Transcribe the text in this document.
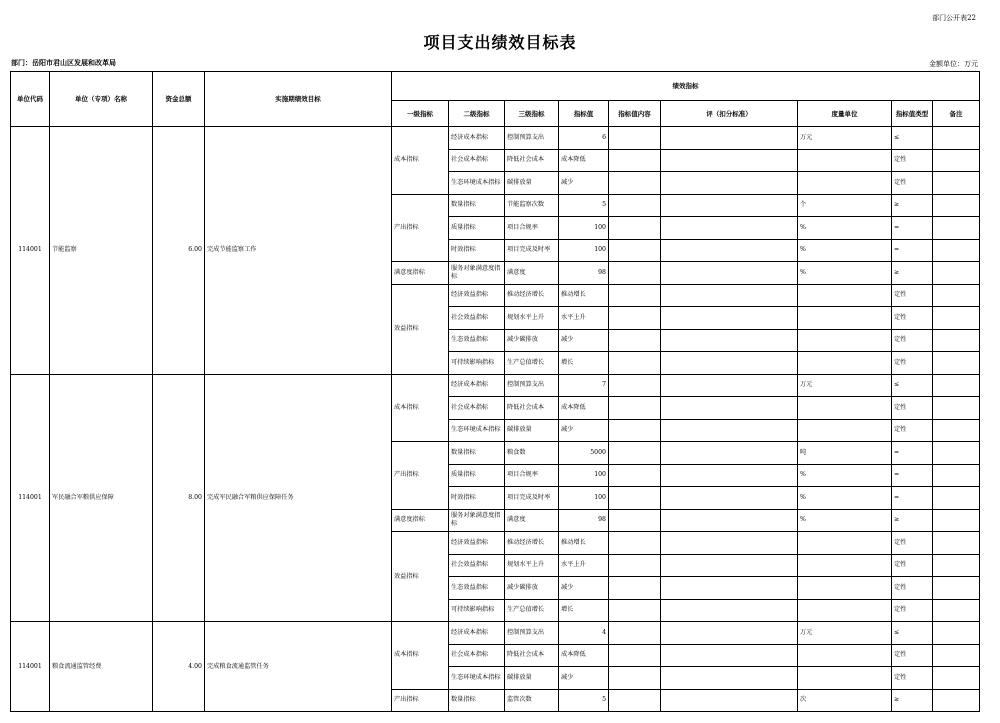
部门公开表22
项目支出绩效目标表
部门：岳阳市君山区发展和改革局	金额单位：万元
单位代码	单位（专项）名称	资金总额	实施期绩效目标	绩效指标								
				一级指标	二级指标	三级指标	指标值	指标值内容	评（扣分标准）	度量单位	指标值类型	备注
114001	节能监察	6.00	完成节能监察工作	成本指标	经济成本指标	控制预算支出	6			万元	≤	
					社会成本指标	降低社会成本	成本降低				定性	
					生态环境成本指标	碳排放量	减少				定性	
				产出指标	数量指标	节能监察次数	5			个	≥	
					质量指标	项目合规率	100			%	=	
					时效指标	项目完成及时率	100			%	=	
				满意度指标	服务对象满意度指标	满意度	98			%	≥	
				效益指标	经济效益指标	推动经济增长	推动增长				定性	
					社会效益指标	规划水平上升	水平上升				定性	
					生态效益指标	减少碳排放	减少				定性	
					可持续影响指标	生产总值增长	增长				定性	
114001	军民融合军粮供应保障	8.00	完成军民融合军粮供应保障任务	成本指标	经济成本指标	控制预算支出	7			万元	≤	
					社会成本指标	降低社会成本	成本降低				定性	
					生态环境成本指标	碳排放量	减少				定性	
				产出指标	数量指标	粮食数	5000			吨	=	
					质量指标	项目合规率	100			%	=	
					时效指标	项目完成及时率	100			%	=	
				满意度指标	服务对象满意度指标	满意度	98			%	≥	
				效益指标	经济效益指标	推动经济增长	推动增长				定性	
					社会效益指标	规划水平上升	水平上升				定性	
					生态效益指标	减少碳排放	减少				定性	
					可持续影响指标	生产总值增长	增长				定性	
114001	粮食流通监管经费	4.00	完成粮食流通监管任务	成本指标	经济成本指标	控制预算支出	4			万元	≤	
					社会成本指标	降低社会成本	成本降低				定性	
					生态环境成本指标	碳排放量	减少				定性	
				产出指标	数量指标	监管次数	5			次	≥	
